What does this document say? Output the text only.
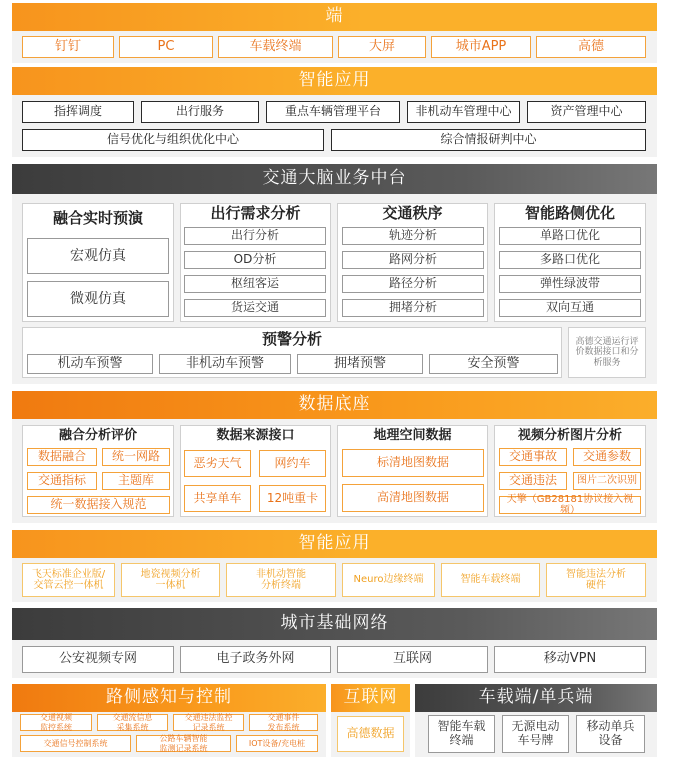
端
钉钉	PC	车载终端	大屏	城市APP	高德
智能应用
指挥调度	出行服务	重点车辆管理平台	非机动车管理中心	资产管理中心
信号优化与组织优化中心	综合情报研判中心
交通大脑业务中台
融合实时预演
宏观仿真
微观仿真
出行需求分析
出行分析
OD分析
枢纽客运
货运交通
交通秩序
轨迹分析
路网分析
路径分析
拥堵分析
智能路侧优化
单路口优化
多路口优化
弹性绿波带
双向互通
预警分析
机动车预警	非机动车预警	拥堵预警	安全预警
高德交通运行评价数据接口和分析服务
数据底座
融合分析评价
数据融合	统一网路
交通指标	主题库
统一数据接入规范
数据来源接口
恶劣天气	网约车
共享单车	12吨重卡
地理空间数据
标清地图数据
高清地图数据
视频分析图片分析
交通事故	交通参数
交通违法	图片二次识别
天擎（GB28181协议接入视频）
智能应用
飞天标准企业版/
交管云控一体机
地瓷视频分析
一体机
非机动智能
分析终端
Neuro边缘终端	智能车载终端
智能违法分析
硬件
城市基础网络
公安视频专网	电子政务外网	互联网	移动VPN
路侧感知与控制
交通视频
监控系统
交通流信息
采集系统
交通违法监控
记录系统
交通事件
发布系统
交通信号控制系统
公路车辆智能
监测记录系统
IOT设备/充电桩
互联网
高德数据
车载端/单兵端
智能车载
终端
无源电动
车号牌
移动单兵
设备
